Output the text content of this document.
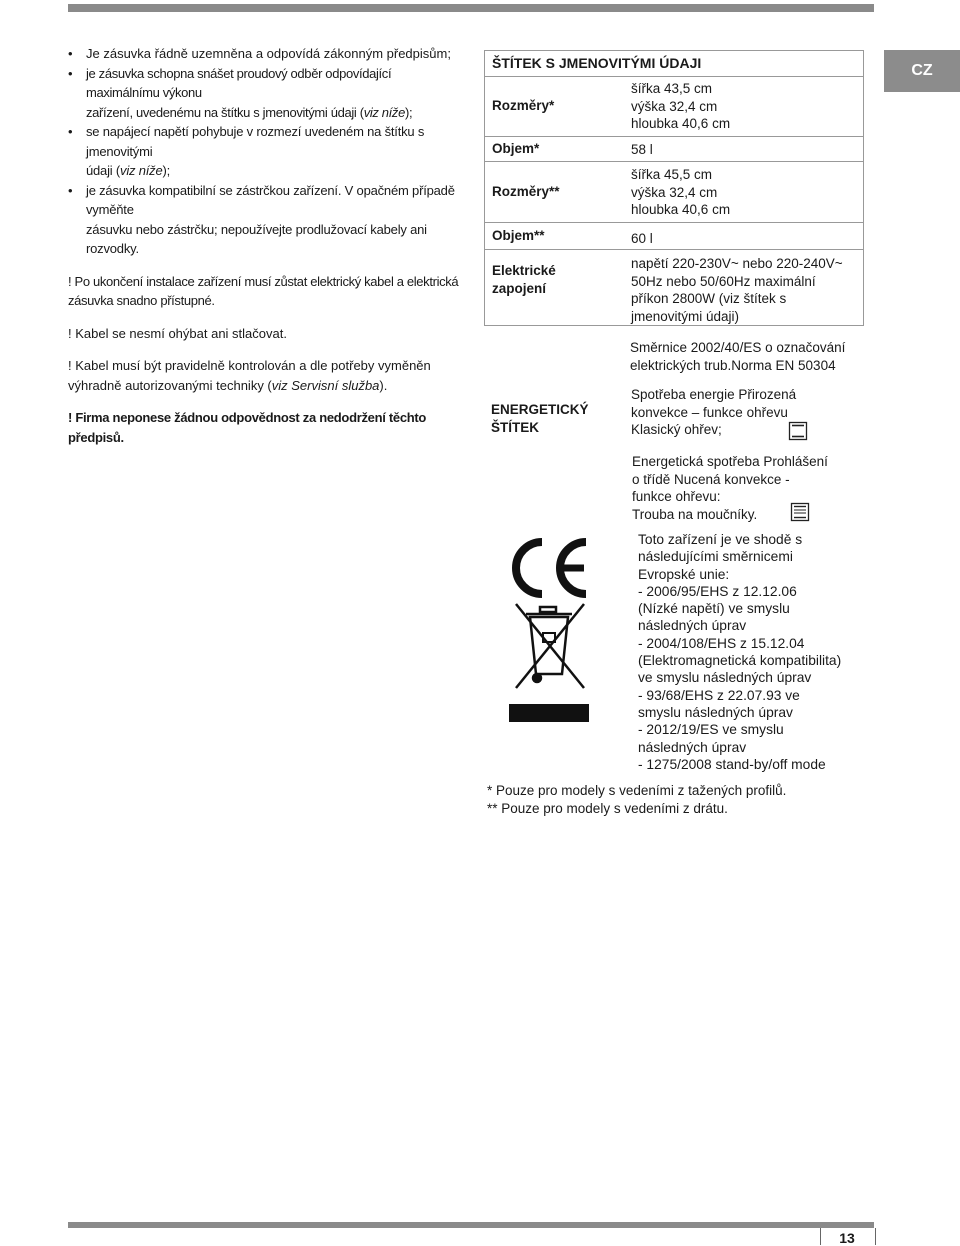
CZ
•	Je zásuvka řádně uzemněna a odpovídá zákonným předpisům;
•	je zásuvka schopna snášet proudový odběr odpovídající maximálnímu výkonu
zařízení, uvedenému na štítku s jmenovitými údaji (viz níže);
•	se napájecí napětí pohybuje v rozmezí uvedeném na štítku s jmenovitými
údaji (viz níže);
•	je zásuvka kompatibilní se zástrčkou zařízení. V opačném případě vyměňte
zásuvku nebo zástrčku; nepoužívejte prodlužovací kabely ani rozvodky.

! Po ukončení instalace zařízení musí zůstat elektrický kabel a elektrická zásuvka snadno přístupné.

! Kabel se nesmí ohýbat ani stlačovat.

! Kabel musí být pravidelně kontrolován a dle potřeby vyměněn výhradně autorizovanými techniky (viz Servisní služba).

! Firma neponese žádnou odpovědnost za nedodržení těchto předpisů.

ŠTÍTEK S JMENOVITÝMI ÚDAJI
Rozměry*
šířka 43,5 cm
výška 32,4 cm
hloubka 40,6 cm
Objem*	58 l
Rozměry**
šířka 45,5 cm
výška 32,4 cm
hloubka 40,6 cm
Objem**	60 l
Elektrické
zapojení
napětí 220-230V~ nebo 220-240V~
50Hz nebo 50/60Hz maximální
příkon 2800W (viz štítek s
jmenovitými údaji)
Směrnice 2002/40/ES o označování
elektrických trub.Norma EN 50304
ENERGETICKÝ
ŠTÍTEK
Spotřeba energie Přirozená
konvekce – funkce ohřevu
Klasický ohřev;
Energetická spotřeba Prohlášení
o třídě Nucená konvekce -
funkce ohřevu:
Trouba na moučníky.
Toto zařízení je ve shodě s
následujícími směrnicemi
Evropské unie:
- 2006/95/EHS z 12.12.06
(Nízké napětí) ve smyslu
následných úprav
- 2004/108/EHS z 15.12.04
(Elektromagnetická kompatibilita)
ve smyslu následných úprav
- 93/68/EHS z 22.07.93 ve
smyslu následných úprav
- 2012/19/ES ve smyslu
následných úprav
- 1275/2008 stand-by/off mode
* Pouze pro modely s vedeními z tažených profilů.
** Pouze pro modely s vedeními z drátu.
13
